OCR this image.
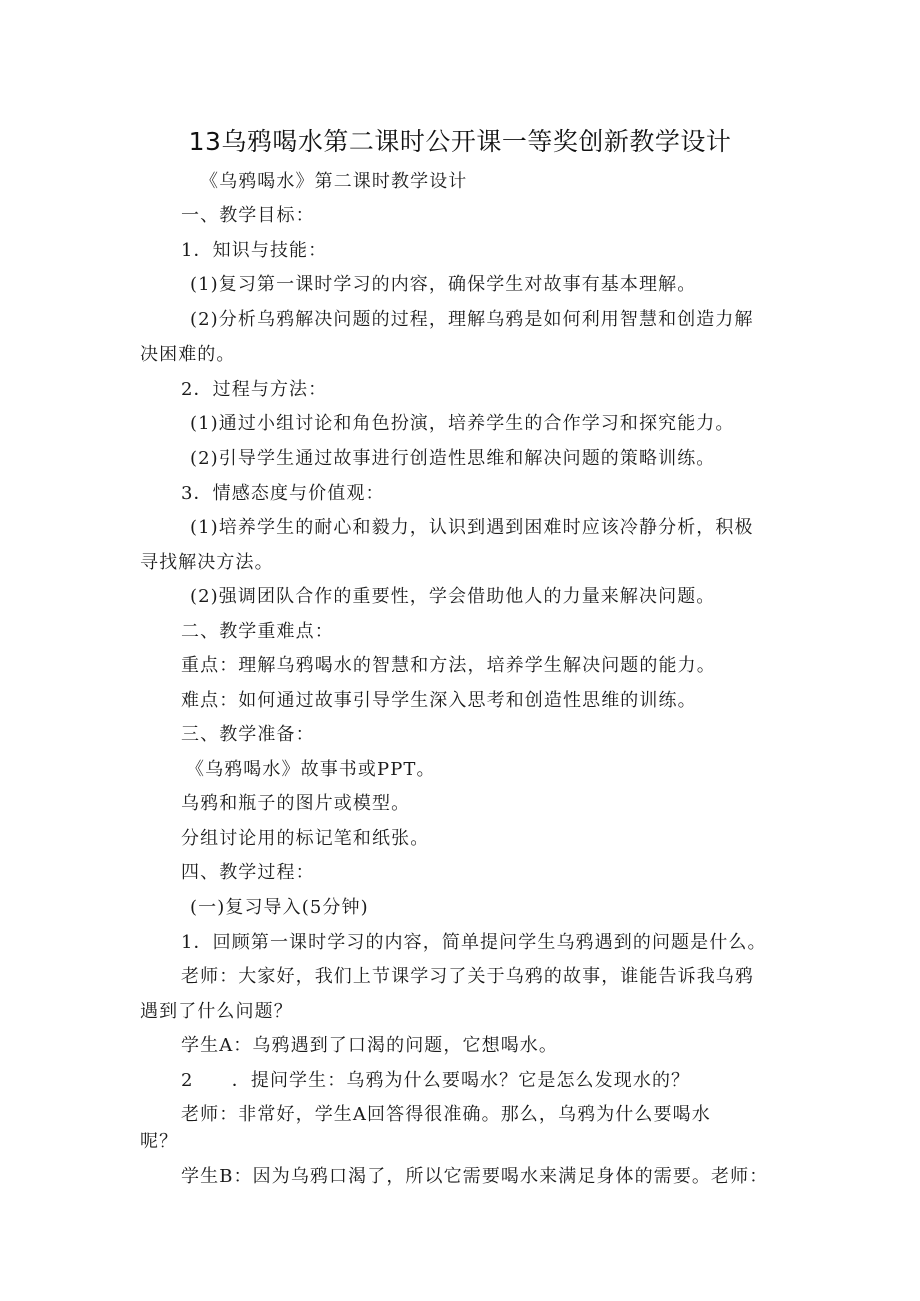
13乌鸦喝水第二课时公开课一等奖创新教学设计
《乌鸦喝水》第二课时教学设计
一、教学目标：
1．知识与技能：
(1)复习第一课时学习的内容，确保学生对故事有基本理解。
(2)分析乌鸦解决问题的过程，理解乌鸦是如何利用智慧和创造力解
决困难的。
2．过程与方法：
(1)通过小组讨论和角色扮演，培养学生的合作学习和探究能力。
(2)引导学生通过故事进行创造性思维和解决问题的策略训练。
3．情感态度与价值观：
(1)培养学生的耐心和毅力，认识到遇到困难时应该冷静分析，积极
寻找解决方法。
(2)强调团队合作的重要性，学会借助他人的力量来解决问题。
二、教学重难点：
重点：理解乌鸦喝水的智慧和方法，培养学生解决问题的能力。
难点：如何通过故事引导学生深入思考和创造性思维的训练。
三、教学准备：
《乌鸦喝水》故事书或PPT。
乌鸦和瓶子的图片或模型。
分组讨论用的标记笔和纸张。
四、教学过程：
(一)复习导入(5分钟)
1．回顾第一课时学习的内容，简单提问学生乌鸦遇到的问题是什么。
老师：大家好，我们上节课学习了关于乌鸦的故事，谁能告诉我乌鸦
遇到了什么问题？
学生A：乌鸦遇到了口渴的问题，它想喝水。
2　　．提问学生：乌鸦为什么要喝水？它是怎么发现水的？
老师：非常好，学生A回答得很准确。那么，乌鸦为什么要喝水
呢？
学生B：因为乌鸦口渴了，所以它需要喝水来满足身体的需要。老师：
